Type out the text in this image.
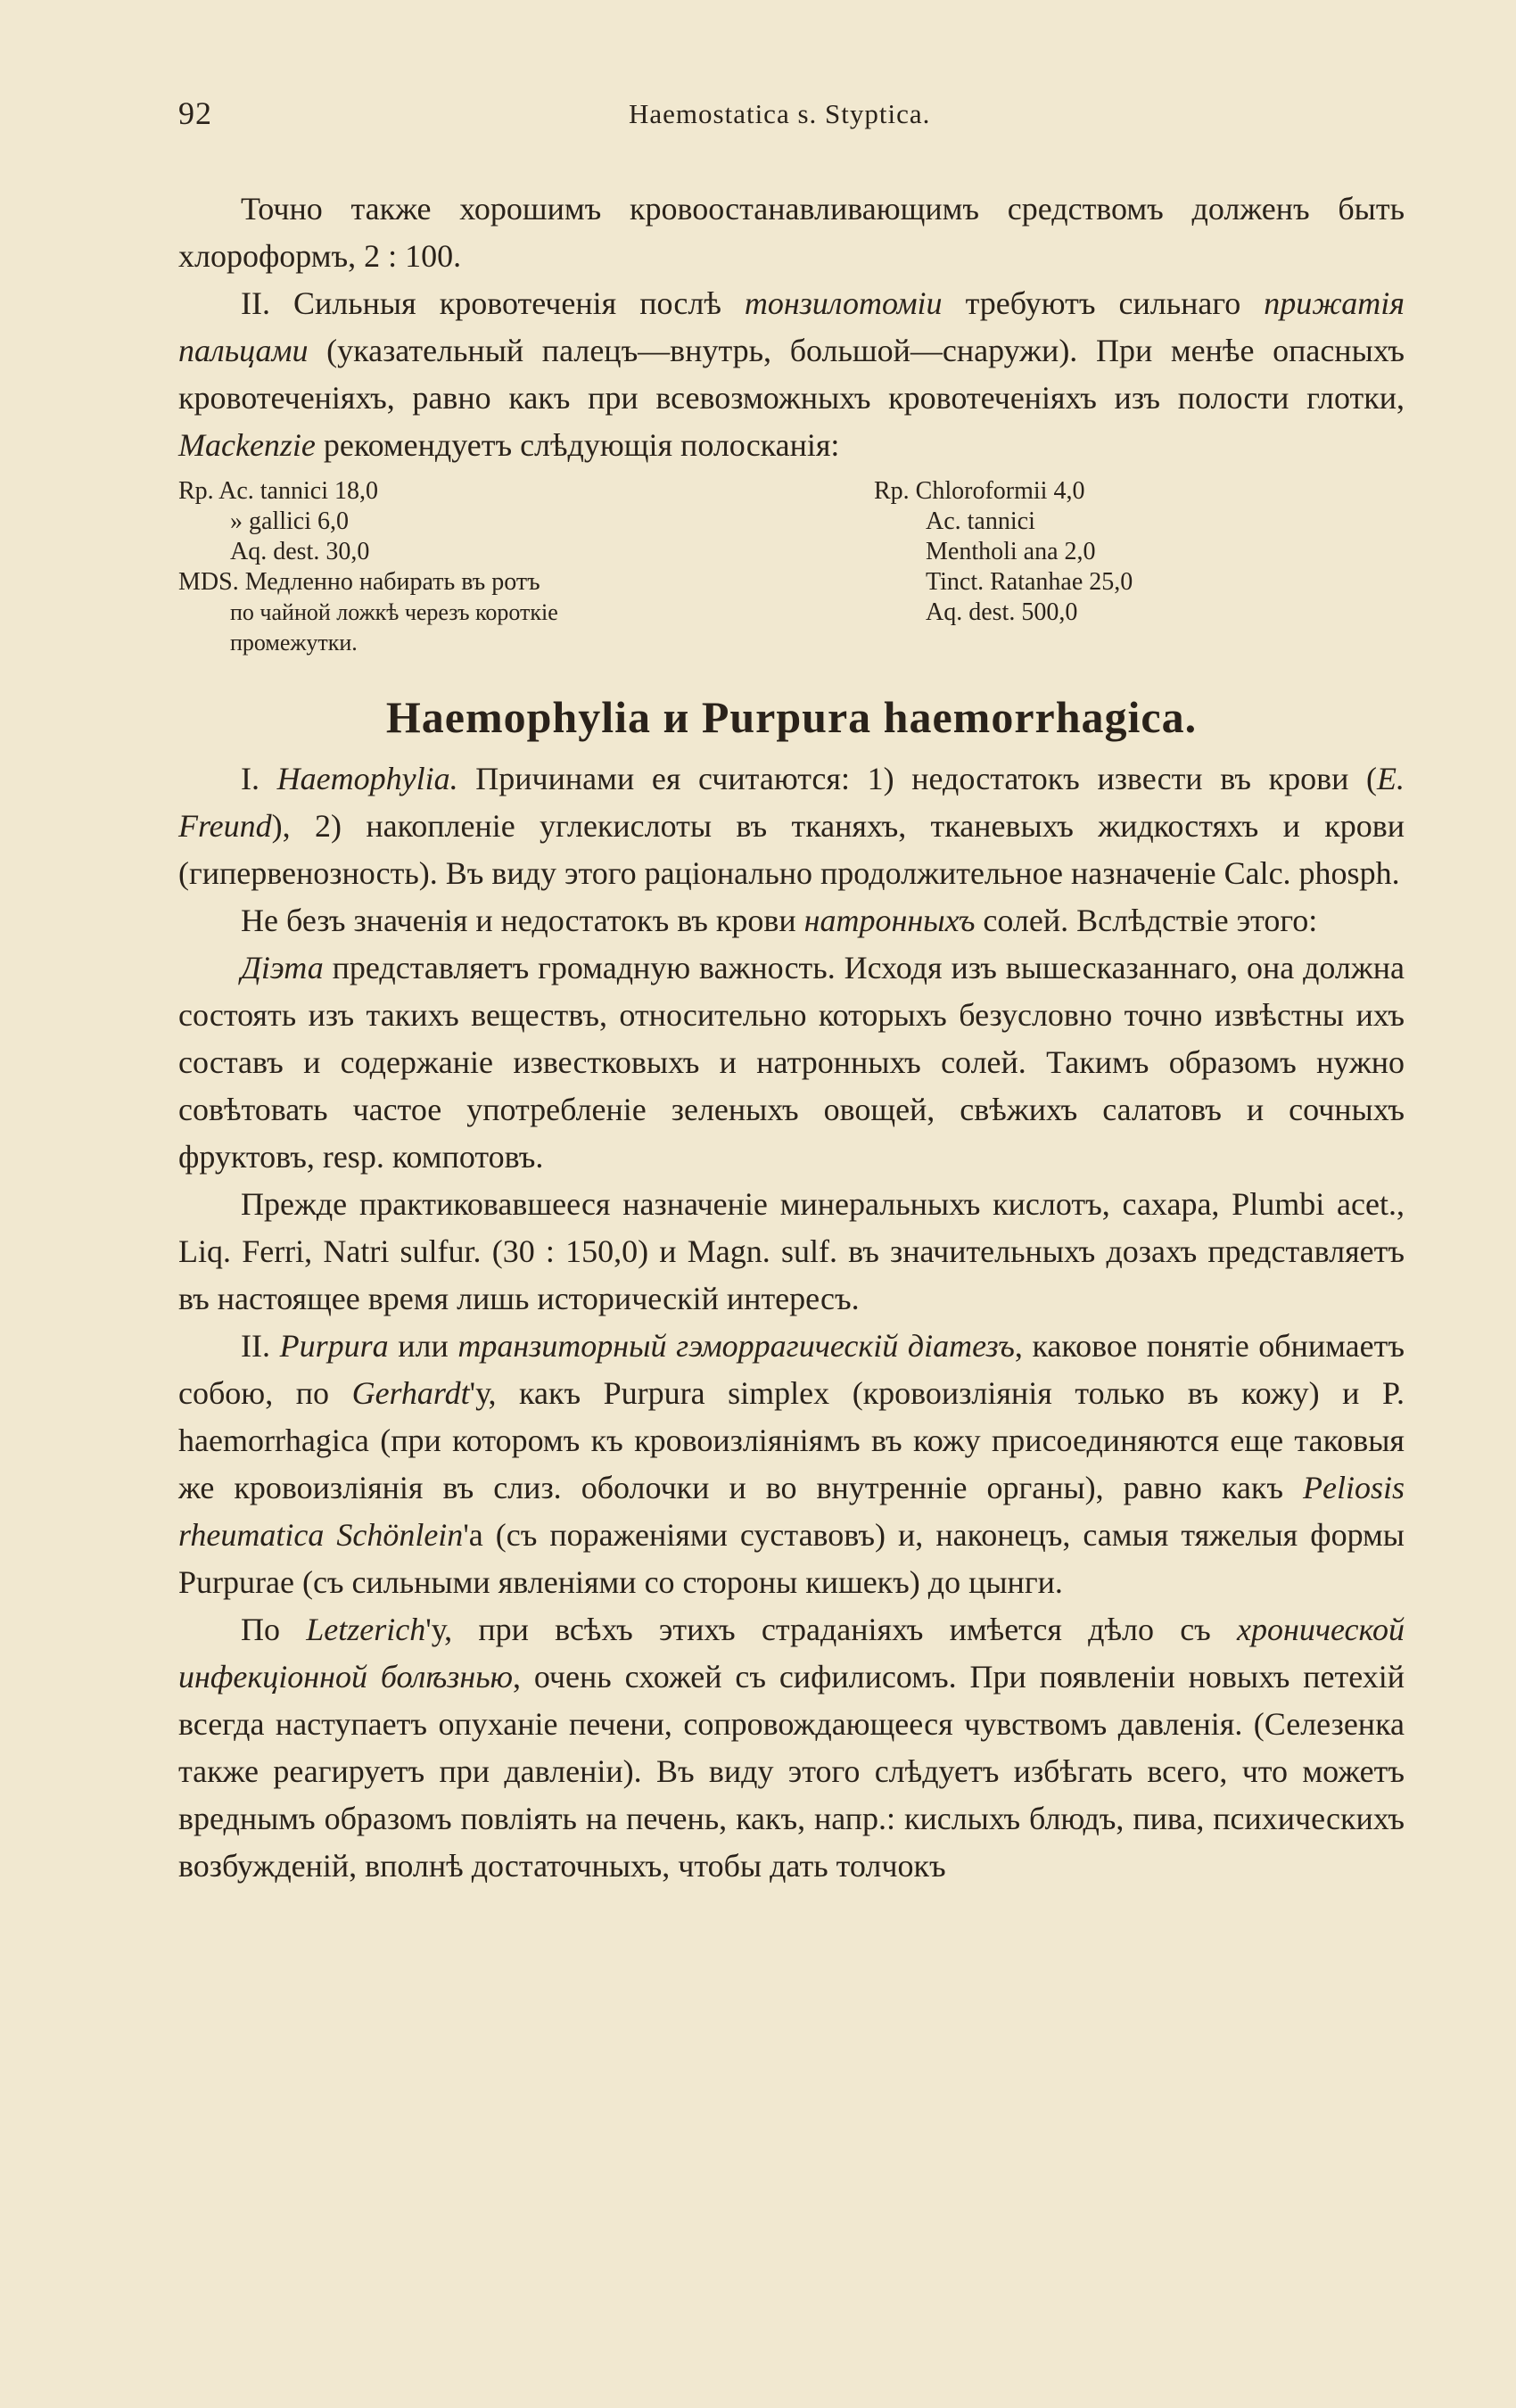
92	Haemostatica s. Styptica.

Точно также хорошимъ кровоостанавливающимъ средствомъ долженъ быть хлороформъ, 2 : 100.

II. Сильныя кровотеченія послѣ тонзилотоміи требуютъ сильнаго прижатія пальцами (указательный палецъ—внутрь, большой—снаружи). При менѣе опасныхъ кровотеченіяхъ, равно какъ при всевозможныхъ кровотеченіяхъ изъ полости глотки, Mackenzie рекомендуетъ слѣдующія полосканія:

Rp. Ac. tannici 18,0
» gallici 6,0
Aq. dest. 30,0
MDS. Медленно набирать въ ротъ
по чайной ложкѣ черезъ короткіе
промежутки.
Rp. Chloroformii 4,0
Ac. tannici
Mentholi ana 2,0
Tinct. Ratanhae 25,0
Aq. dest. 500,0
Haemophylia и Purpura haemorrhagica.

I. Haemophylia. Причинами ея считаются: 1) недостатокъ извести въ крови (E. Freund), 2) накопленіе углекислоты въ тканяхъ, тканевыхъ жидкостяхъ и крови (гипервенозность). Въ виду этого раціонально продолжительное назначеніе Calc. phosph.

Не безъ значенія и недостатокъ въ крови натронныхъ солей. Вслѣдствіе этого:

Діэта представляетъ громадную важность. Исходя изъ вышесказаннаго, она должна состоять изъ такихъ веществъ, относительно которыхъ безусловно точно извѣстны ихъ составъ и содержаніе известковыхъ и натронныхъ солей. Такимъ образомъ нужно совѣтовать частое употребленіе зеленыхъ овощей, свѣжихъ салатовъ и сочныхъ фруктовъ, resp. компотовъ.

Прежде практиковавшееся назначеніе минеральныхъ кислотъ, сахара, Plumbi acet., Liq. Ferri, Natri sulfur. (30 : 150,0) и Magn. sulf. въ значительныхъ дозахъ представляетъ въ настоящее время лишь историческій интересъ.

II. Purpura или транзиторный гэморрагическій діатезъ, каковое понятіе обнимаетъ собою, по Gerhardt'у, какъ Purpura simplex (кровоизліянія только въ кожу) и P. haemorrhagica (при которомъ къ кровоизліяніямъ въ кожу присоединяются еще таковыя же кровоизліянія въ слиз. оболочки и во внутренніе органы), равно какъ Peliosis rheumatica Schönlein'а (съ пораженіями суставовъ) и, наконецъ, самыя тяжелыя формы Purpurae (съ сильными явленіями со стороны кишекъ) до цынги.

По Letzerich'у, при всѣхъ этихъ страданіяхъ имѣется дѣло съ хронической инфекціонной болѣзнью, очень схожей съ сифилисомъ. При появленіи новыхъ петехій всегда наступаетъ опуханіе печени, сопровождающееся чувствомъ давленія. (Селезенка также реагируетъ при давленіи). Въ виду этого слѣдуетъ избѣгать всего, что можетъ вреднымъ образомъ повліять на печень, какъ, напр.: кислыхъ блюдъ, пива, психическихъ возбужденій, вполнѣ достаточныхъ, чтобы дать толчокъ
